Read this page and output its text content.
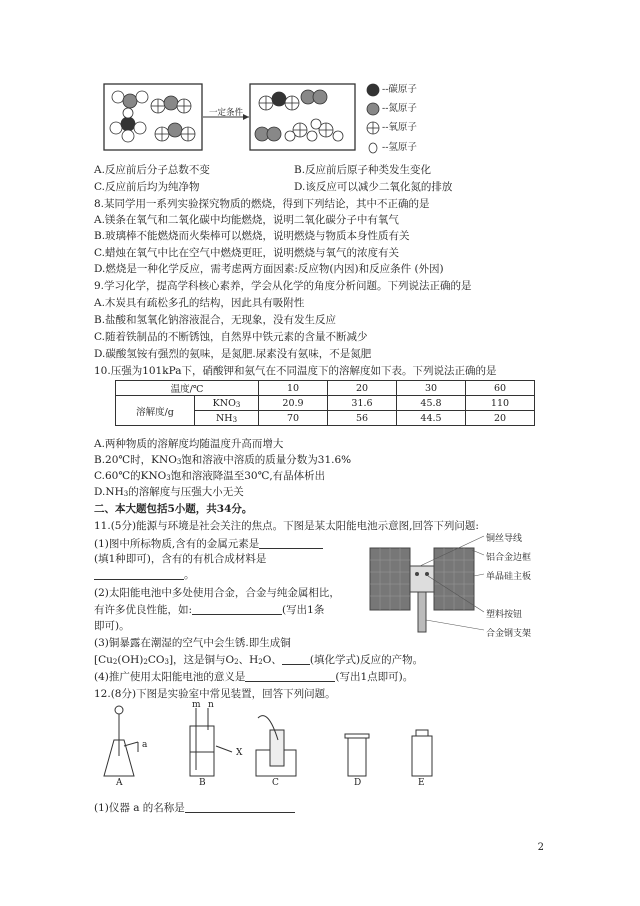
一定条件
--碳原子
--氮原子
--氧原子
--氢原子
A.反应前后分子总数不变	B.反应前后原子种类发生变化
C.反应前后均为纯净物	D.该反应可以减少二氧化氮的排放
8.某同学用一系列实验探究物质的燃烧，得到下列结论，其中不正确的是
A.镁条在氧气和二氧化碳中均能燃烧，说明二氧化碳分子中有氧气
B.玻璃棒不能燃烧而火柴棒可以燃烧，说明燃烧与物质本身性质有关
C.蜡烛在氧气中比在空气中燃烧更旺，说明燃烧与氧气的浓度有关
D.燃烧是一种化学反应，需考虑两方面因素:反应物(内因)和反应条件 (外因)
9.学习化学，提高学科核心素养，学会从化学的角度分析问题。下列说法正确的是
A.木炭具有疏松多孔的结构，因此具有吸附性
B.盐酸和氢氧化钠溶液混合，无现象，没有发生反应
C.随着铁制品的不断锈蚀，自然界中铁元素的含量不断减少
D.碳酸氢铵有强烈的氨味，是氮肥.尿素没有氨味，不是氮肥
10.压强为101kPa下，硝酸钾和氨气在不同温度下的溶解度如下表。下列说法正确的是
温度/℃		10	20	30	60
溶解度/g	KNO3	20.9	31.6	45.8	110
	NH3	70	56	44.5	20
A.两种物质的溶解度均随温度升高而增大
B.20℃时，KNO3饱和溶液中溶质的质量分数为31.6%
C.60℃的KNO3饱和溶液降温至30℃,有晶体析出
D.NH3的溶解度与压强大小无关
二、本大题包括5小题，共34分。
11.(5分)能源与环境是社会关注的焦点。下图是某太阳能电池示意图,回答下列问题:
(1)图中所标物质,含有的金属元素是
(填1种即可)，含有的有机合成材料是
。
(2)太阳能电池中多处使用合金，合金与纯金属相比，
有许多优良性能，如:	(写出1条
即可)。
(3)铜暴露在潮湿的空气中会生锈.即生成铜
[Cu2(OH)2CO3]，这是铜与O2、H2O、	(填化学式)反应的产物。
(4)推广使用太阳能电池的意义是	(写出1点即可)。
铜丝导线
铝合金边框
单晶硅主板
塑料按钮
合金钢支架
12.(8分)下图是实验室中常见装置，回答下列问题。
a
m n
X
A	B	C	D	E
(1)仪器 a 的名称是
2
